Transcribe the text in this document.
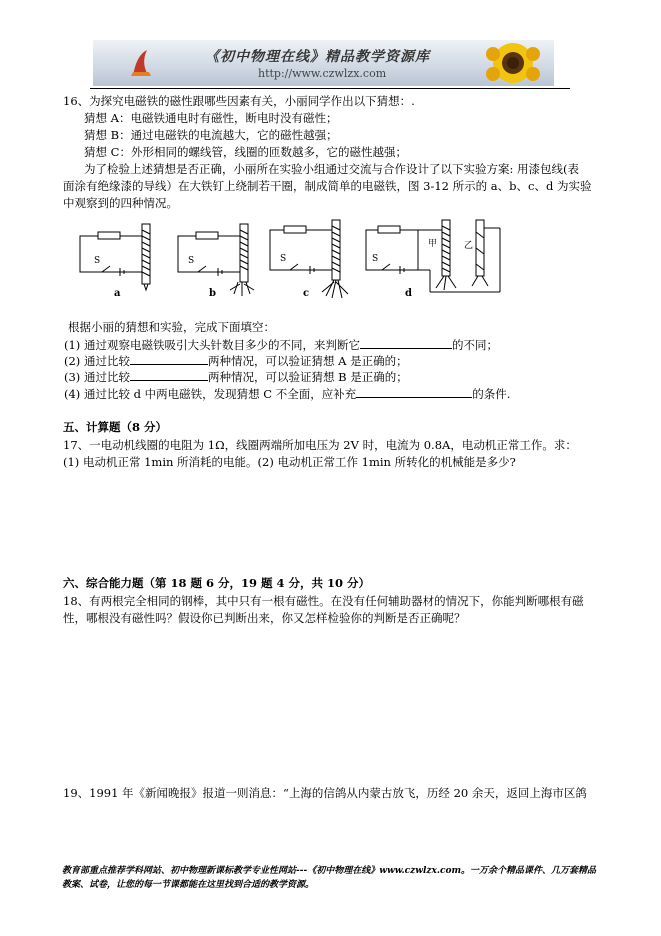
《初中物理在线》精品教学资源库
http://www.czwlzx.com
16、为探究电磁铁的磁性跟哪些因素有关，小丽同学作出以下猜想：.
猜想 A：电磁铁通电时有磁性，断电时没有磁性；
猜想 B：通过电磁铁的电流越大，它的磁性越强；
猜想 C：外形相同的螺线管，线圈的匝数越多，它的磁性越强；
为了检验上述猜想是否正确，小丽所在实验小组通过交流与合作设计了以下实验方案: 用漆包线(表
面涂有绝缘漆的导线）在大铁钉上绕制若干圈，制成简单的电磁铁，图 3-12 所示的 a、b、c、d 为实验
中观察到的四种情况。
S	S	S	S
甲	乙
a	b	c	d
根据小丽的猜想和实验，完成下面填空：
(1) 通过观察电磁铁吸引大头针数目多少的不同，来判断它	的不同；
(2) 通过比较	两种情况，可以验证猜想 A 是正确的；
(3) 通过比较	两种情况，可以验证猜想 B 是正确的；
(4) 通过比较 d 中两电磁铁，发现猜想 C 不全面，应补充	的条件.
五、计算题（8 分）
17、一电动机线圈的电阻为 1Ω，线圈两端所加电压为 2V 时，电流为 0.8A，电动机正常工作。求：
(1) 电动机正常 1min 所消耗的电能。(2) 电动机正常工作 1min 所转化的机械能是多少?
六、综合能力题（第 18 题 6 分，19 题 4 分，共 10 分）
18、有两根完全相同的钢棒，其中只有一根有磁性。在没有任何辅助器材的情况下，你能判断哪根有磁
性，哪根没有磁性吗？假设你已判断出来，你又怎样检验你的判断是否正确呢？
19、1991 年《新闻晚报》报道一则消息：“上海的信鸽从内蒙古放飞，历经 20 余天，返回上海市区鸽
教育部重点推荐学科网站、初中物理新课标教学专业性网站---《初中物理在线》www.czwlzx.com。一万余个精品课件、几万套精品教案、试卷，让您的每一节课都能在这里找到合适的教学资源。
